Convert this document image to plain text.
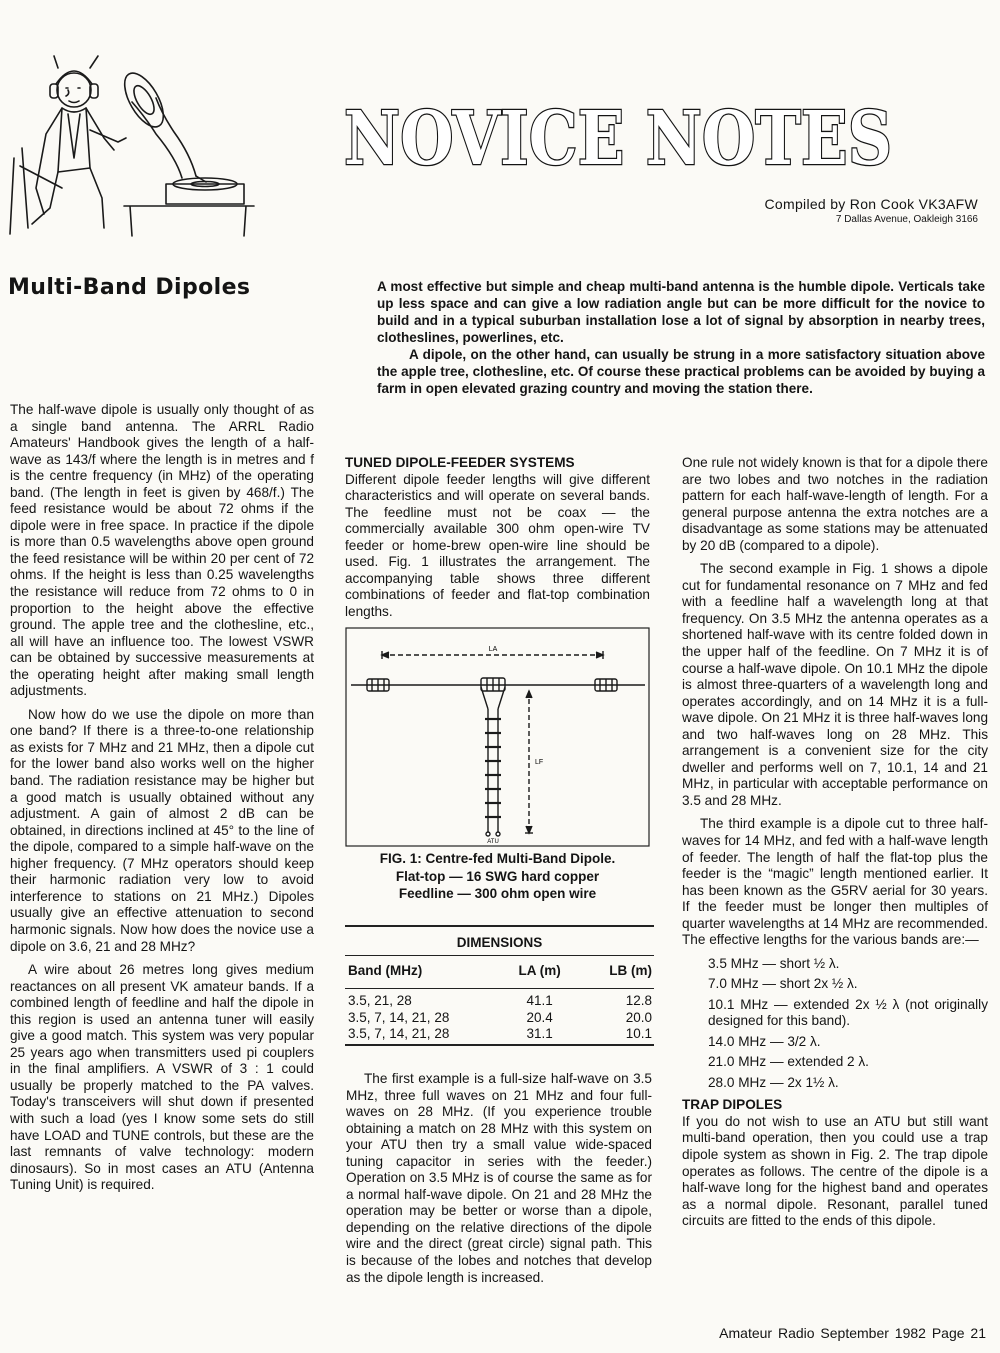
NOVICE NOTES
Compiled by Ron Cook VK3AFW
7 Dallas Avenue, Oakleigh 3166
Multi-Band Dipoles	A most effective but simple and cheap multi-band antenna is the humble dipole. Verticals take up less space and can give a low radiation angle but can be more difficult for the novice to build and in a typical suburban installation lose a lot of signal by absorption in nearby trees, clotheslines, powerlines, etc.

A dipole, on the other hand, can usually be strung in a more satisfactory situation above the apple tree, clothesline, etc. Of course these practical problems can be avoided by buying a farm in open elevated grazing country and moving the station there.

The half-wave dipole is usually only thought of as a single band antenna. The ARRL Radio Amateurs' Handbook gives the length of a half-wave as 143/f where the length is in metres and f is the centre frequency (in MHz) of the operating band. (The length in feet is given by 468/f.) The feed resistance would be about 72 ohms if the dipole were in free space. In practice if the dipole is more than 0.5 wavelengths above open ground the feed resistance will be within 20 per cent of 72 ohms. If the height is less than 0.25 wavelengths the resistance will reduce from 72 ohms to 0 in proportion to the height above the effective ground. The apple tree and the clothesline, etc., all will have an influence too. The lowest VSWR can be obtained by successive measurements at the operating height after making small length adjustments.

Now how do we use the dipole on more than one band? If there is a three-to-one relationship as exists for 7 MHz and 21 MHz, then a dipole cut for the lower band also works well on the higher band. The radiation resistance may be higher but a good match is usually obtained without any adjustment. A gain of almost 2 dB can be obtained, in directions inclined at 45° to the line of the dipole, compared to a simple half-wave on the higher frequency. (7 MHz operators should keep their harmonic radiation very low to avoid interference to stations on 21 MHz.) Dipoles usually give an effective attenuation to second harmonic signals. Now how does the novice use a dipole on 3.6, 21 and 28 MHz?

A wire about 26 metres long gives medium reactances on all present VK amateur bands. If a combined length of feedline and half the dipole in this region is used an antenna tuner will easily give a good match. This system was very popular 25 years ago when transmitters used pi couplers in the final amplifiers. A VSWR of 3 : 1 could usually be properly matched to the PA valves. Today's transceivers will shut down if presented with such a load (yes I know some sets do still have LOAD and TUNE controls, but these are the last remnants of valve technology: modern dinosaurs). So in most cases an ATU (Antenna Tuning Unit) is required.

TUNED DIPOLE-FEEDER SYSTEMS

Different dipole feeder lengths will give different characteristics and will operate on several bands. The feedline must not be coax — the commercially available 300 ohm open-wire TV feeder or home-brew open-wire line should be used. Fig. 1 illustrates the arrangement. The accompanying table shows three different combinations of feeder and flat-top combination lengths.

LA
LF
ATU
FIG. 1: Centre-fed Multi-Band Dipole.
Flat-top — 16 SWG hard copper
Feedline — 300 ohm open wire
DIMENSIONS
Band (MHz)	LA (m)	LB (m)
3.5, 21, 28	41.1	12.8
3.5, 7, 14, 21, 28	20.4	20.0
3.5, 7, 14, 21, 28	31.1	10.1

The first example is a full-size half-wave on 3.5 MHz, three full waves on 21 MHz and four full-waves on 28 MHz. (If you experience trouble obtaining a match on 28 MHz with this system on your ATU then try a small value wide-spaced tuning capacitor in series with the feeder.) Operation on 3.5 MHz is of course the same as for a normal half-wave dipole. On 21 and 28 MHz the operation may be better or worse than a dipole, depending on the relative directions of the dipole wire and the direct (great circle) signal path. This is because of the lobes and notches that develop as the dipole length is increased.

One rule not widely known is that for a dipole there are two lobes and two notches in the radiation pattern for each half-wave-length of length. For a general purpose antenna the extra notches are a disadvantage as some stations may be attenuated by 20 dB (compared to a dipole).

The second example in Fig. 1 shows a dipole cut for fundamental resonance on 7 MHz and fed with a feedline half a wavelength long at that frequency. On 3.5 MHz the antenna operates as a shortened half-wave with its centre folded down in the upper half of the feedline. On 7 MHz it is of course a half-wave dipole. On 10.1 MHz the dipole is almost three-quarters of a wavelength long and operates accordingly, and on 14 MHz it is a full-wave dipole. On 21 MHz it is three half-waves long and two half-waves long on 28 MHz. This arrangement is a convenient size for the city dweller and performs well on 7, 10.1, 14 and 21 MHz, in particular with acceptable performance on 3.5 and 28 MHz.

The third example is a dipole cut to three half-waves for 14 MHz, and fed with a half-wave length of feeder. The length of half the flat-top plus the feeder is the “magic” length mentioned earlier. It has been known as the G5RV aerial for 30 years. If the feeder must be longer then multiples of quarter wavelengths at 14 MHz are recommended. The effective lengths for the various bands are:—

3.5 MHz — short ½ λ.
7.0 MHz — short 2x ½ λ.
10.1 MHz — extended 2x ½ λ (not originally designed for this band).
14.0 MHz — 3/2 λ.
21.0 MHz — extended 2 λ.
28.0 MHz — 2x 1½ λ.
TRAP DIPOLES

If you do not wish to use an ATU but still want multi-band operation, then you could use a trap dipole system as shown in Fig. 2. The trap dipole operates as follows. The centre of the dipole is a half-wave long for the highest band and operates as a normal dipole. Resonant, parallel tuned circuits are fitted to the ends of this dipole.

Amateur Radio September 1982 Page 21
